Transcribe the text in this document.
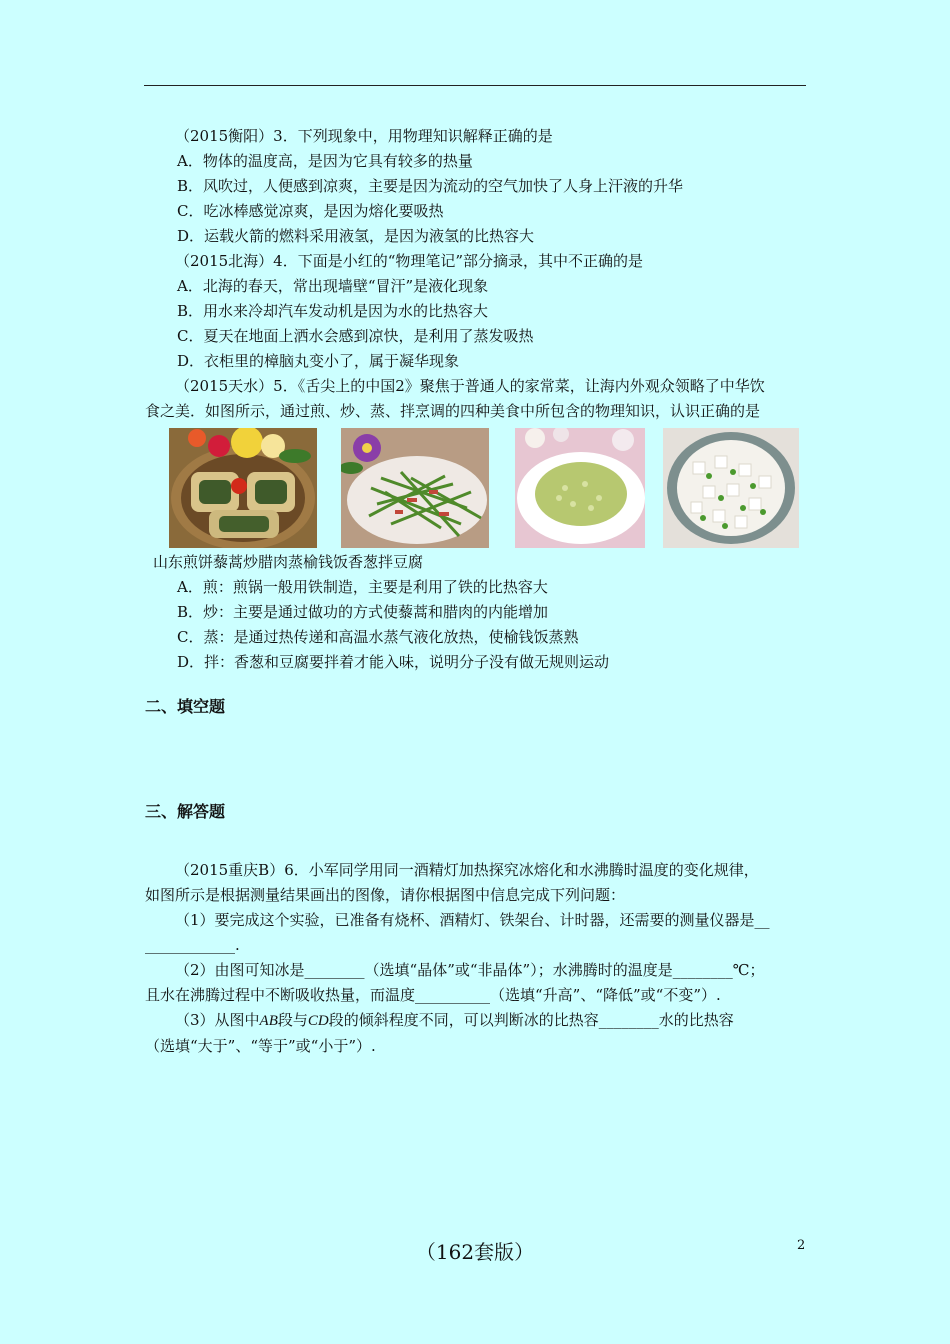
（2015衡阳）3．下列现象中，用物理知识解释正确的是
A．物体的温度高，是因为它具有较多的热量
B．风吹过，人便感到凉爽，主要是因为流动的空气加快了人身上汗液的升华
C．吃冰棒感觉凉爽，是因为熔化要吸热
D．运载火箭的燃料采用液氢，是因为液氢的比热容大
（2015北海）4．下面是小红的“物理笔记”部分摘录，其中不正确的是
A．北海的春天，常出现墙壁“冒汗”是液化现象
B．用水来冷却汽车发动机是因为水的比热容大
C．夏天在地面上洒水会感到凉快，是利用了蒸发吸热
D．衣柜里的樟脑丸变小了，属于凝华现象
（2015天水）5．《舌尖上的中国2》聚焦于普通人的家常菜，让海内外观众领略了中华饮
食之美．如图所示，通过煎、炒、蒸、拌烹调的四种美食中所包含的物理知识，认识正确的是
山东煎饼藜蒿炒腊肉蒸榆钱饭香葱拌豆腐
A．煎：煎锅一般用铁制造，主要是利用了铁的比热容大
B．炒：主要是通过做功的方式使藜蒿和腊肉的内能增加
C．蒸：是通过热传递和高温水蒸气液化放热，使榆钱饭蒸熟
D．拌：香葱和豆腐要拌着才能入味，说明分子没有做无规则运动
二、填空题
三、解答题
（2015重庆B）6．小军同学用同一酒精灯加热探究冰熔化和水沸腾时温度的变化规律，
如图所示是根据测量结果画出的图像，请你根据图中信息完成下列问题：
（1）要完成这个实验，已准备有烧杯、酒精灯、铁架台、计时器，还需要的测量仪器是__
____________.
（2）由图可知冰是________（选填“晶体”或“非晶体”）；水沸腾时的温度是________℃；
且水在沸腾过程中不断吸收热量，而温度__________（选填“升高”、“降低”或“不变”）.
（3）从图中AB段与CD段的倾斜程度不同，可以判断冰的比热容________水的比热容
（选填“大于”、“等于”或“小于”）.
（162套版）	2
